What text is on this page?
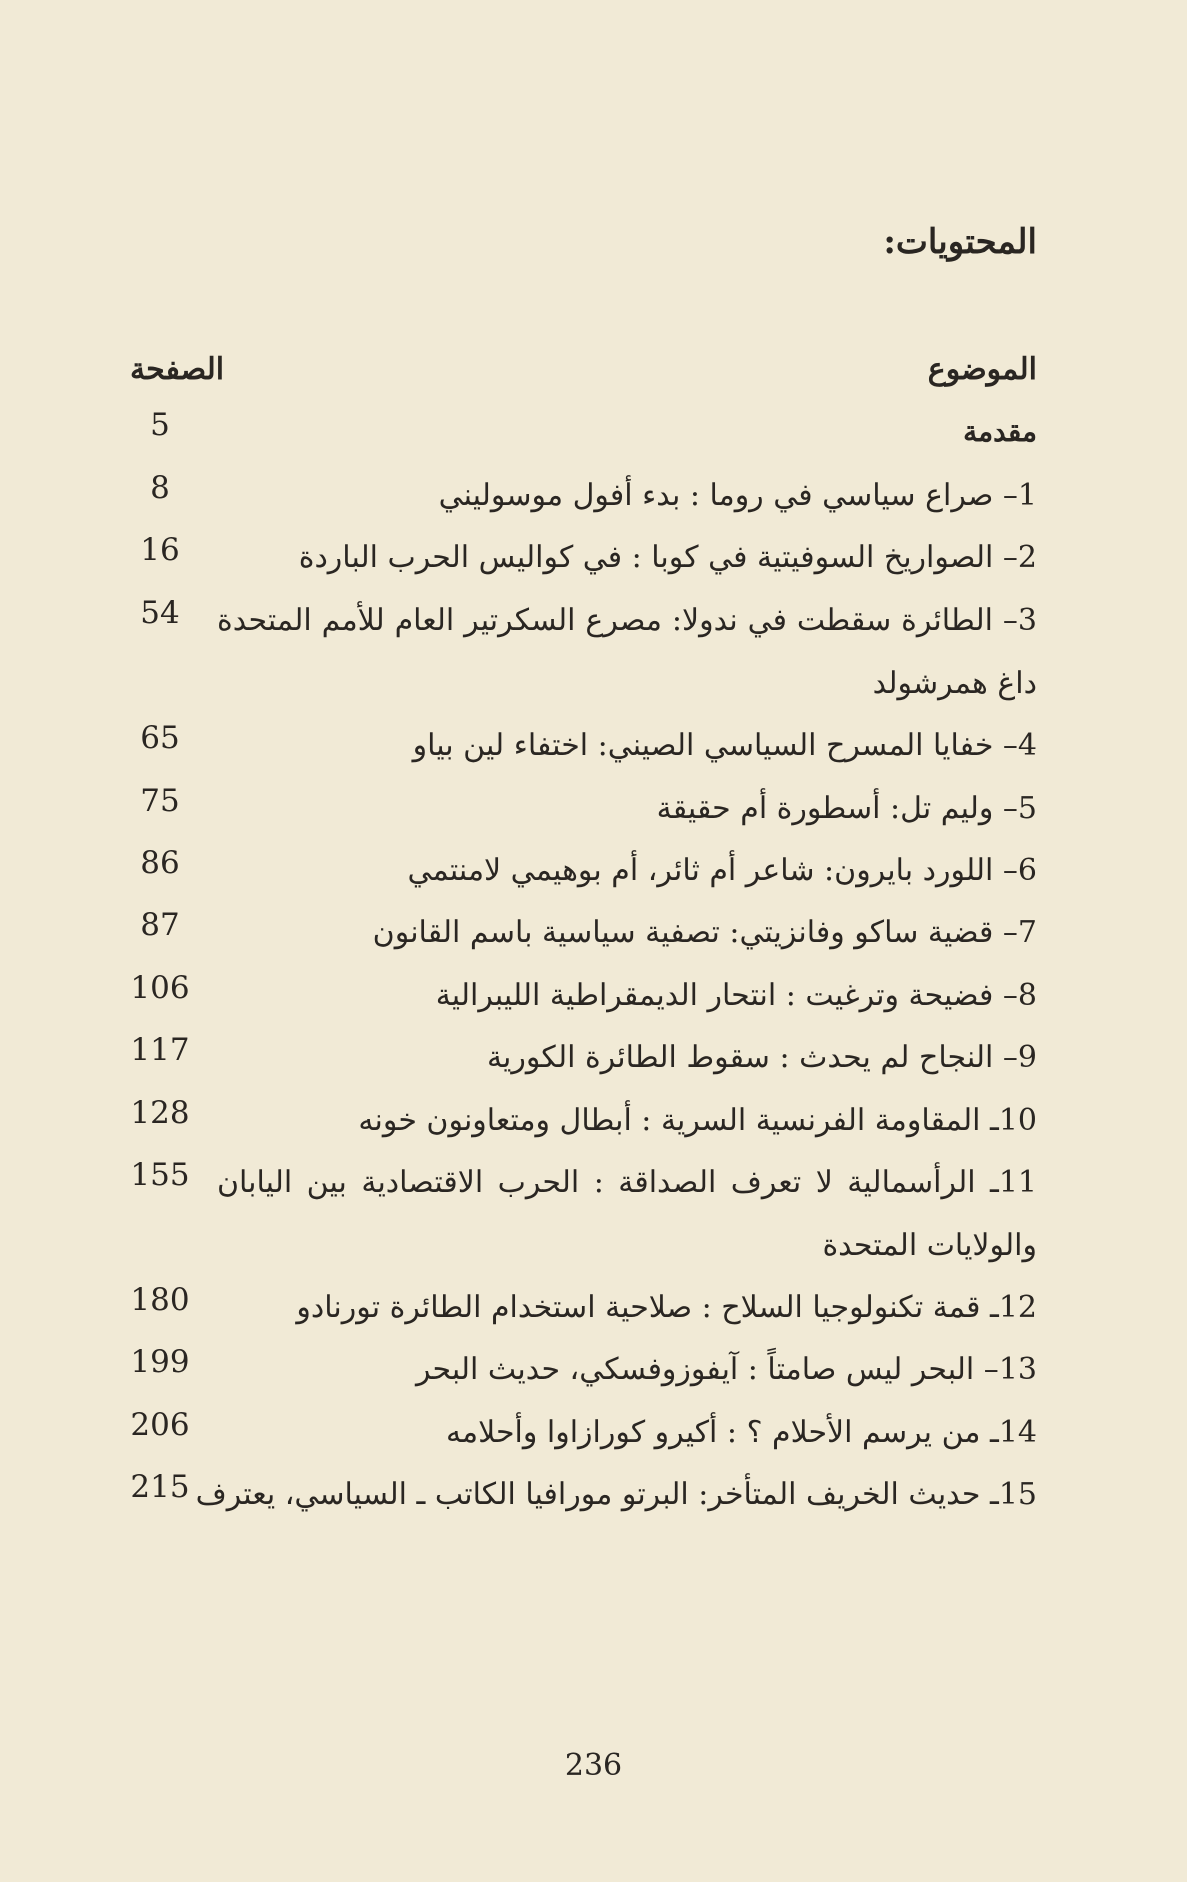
المحتويات:
الموضوع
الصفحة
مقدمة
5
1– صراع سياسي في روما : بدء أفول موسوليني
8
2– الصواريخ السوفيتية في كوبا : في كواليس الحرب الباردة
16
3– الطائرة سقطت في ندولا: مصرع السكرتير العام للأمم المتحدة
54
داغ همرشولد
4– خفايا المسرح السياسي الصيني: اختفاء لين بياو
65
5– وليم تل: أسطورة أم حقيقة
75
6– اللورد بايرون: شاعر أم ثائر، أم بوهيمي لامنتمي
86
7– قضية ساكو وفانزيتي: تصفية سياسية باسم القانون
87
8– فضيحة وترغيت : انتحار الديمقراطية الليبرالية
106
9– النجاح لم يحدث : سقوط الطائرة الكورية
117
10ـ المقاومة الفرنسية السرية : أبطال ومتعاونون خونه
128
11ـ الرأسمالية لا تعرف الصداقة : الحرب الاقتصادية بين اليابان
155
والولايات المتحدة
12ـ قمة تكنولوجيا السلاح : صلاحية استخدام الطائرة تورنادو
180
13– البحر ليس صامتاً : آيفوزوفسكي، حديث البحر
199
14ـ من يرسم الأحلام ؟ : أكيرو كورازاوا وأحلامه
206
15ـ حديث الخريف المتأخر: البرتو مورافيا الكاتب ـ السياسي، يعترف
215
236
